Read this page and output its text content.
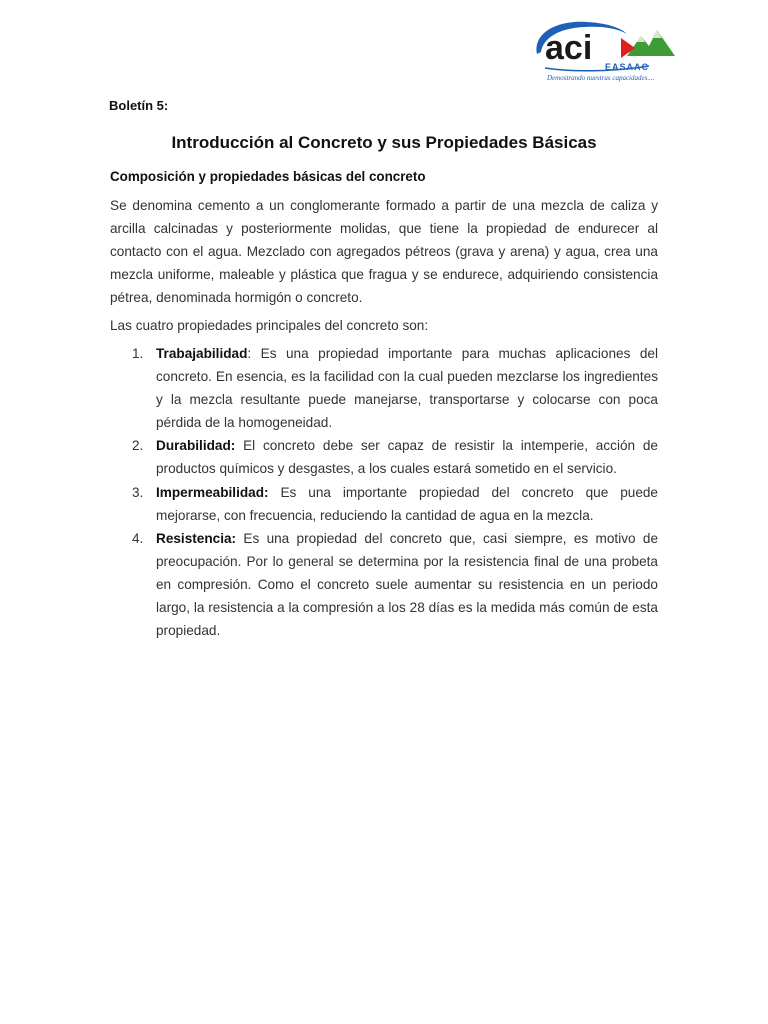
aci EASAAC
Demostrando nuestras capacidades....
Boletín 5:
Introducción al Concreto y sus Propiedades Básicas
Composición y propiedades básicas del concreto

Se denomina cemento a un conglomerante formado a partir de una mezcla de caliza y arcilla calcinadas y posteriormente molidas, que tiene la propiedad de endurecer al contacto con el agua. Mezclado con agregados pétreos (grava y arena) y agua, crea una mezcla uniforme, maleable y plástica que fragua y se endurece, adquiriendo consistencia pétrea, denominada hormigón o concreto.

Las cuatro propiedades principales del concreto son:
1. Trabajabilidad: Es una propiedad importante para muchas aplicaciones del concreto. En esencia, es la facilidad con la cual pueden mezclarse los ingredientes y la mezcla resultante puede manejarse, transportarse y colocarse con poca pérdida de la homogeneidad.
2. Durabilidad: El concreto debe ser capaz de resistir la intemperie, acción de productos químicos y desgastes, a los cuales estará sometido en el servicio.
3. Impermeabilidad: Es una importante propiedad del concreto que puede mejorarse, con frecuencia, reduciendo la cantidad de agua en la mezcla.
4. Resistencia: Es una propiedad del concreto que, casi siempre, es motivo de preocupación. Por lo general se determina por la resistencia final de una probeta en compresión. Como el concreto suele aumentar su resistencia en un periodo largo, la resistencia a la compresión a los 28 días es la medida más común de esta propiedad.
